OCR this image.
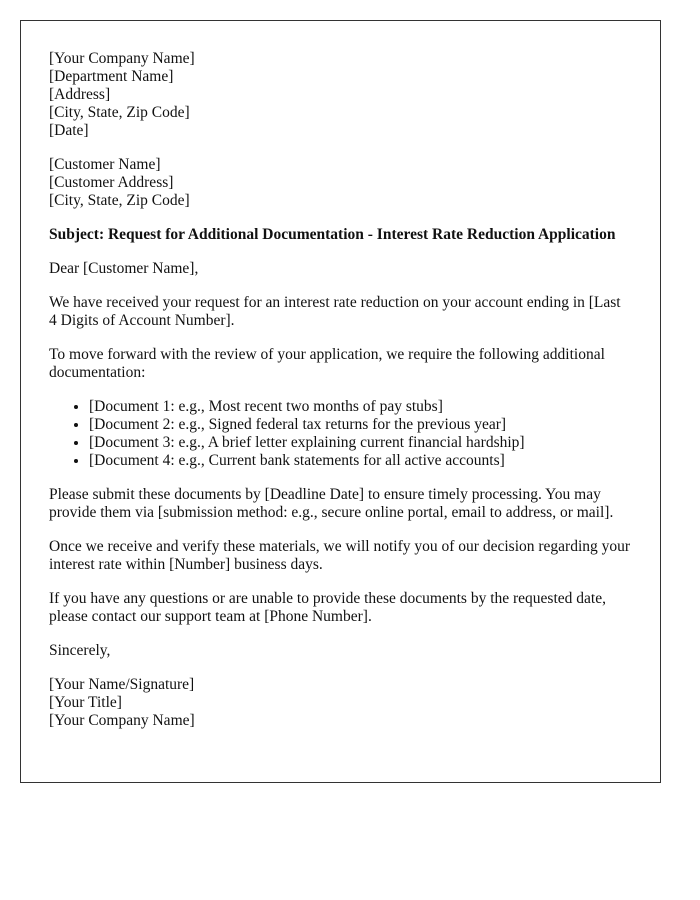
[Your Company Name]
[Department Name]
[Address]
[City, State, Zip Code]
[Date]
[Customer Name]
[Customer Address]
[City, State, Zip Code]
Subject: Request for Additional Documentation - Interest Rate Reduction Application

Dear [Customer Name],

We have received your request for an interest rate reduction on your account ending in [Last 4 Digits of Account Number].

To move forward with the review of your application, we require the following additional documentation:

• [Document 1: e.g., Most recent two months of pay stubs]
• [Document 2: e.g., Signed federal tax returns for the previous year]
• [Document 3: e.g., A brief letter explaining current financial hardship]
• [Document 4: e.g., Current bank statements for all active accounts]

Please submit these documents by [Deadline Date] to ensure timely processing. You may provide them via [submission method: e.g., secure online portal, email to address, or mail].

Once we receive and verify these materials, we will notify you of our decision regarding your interest rate within [Number] business days.

If you have any questions or are unable to provide these documents by the requested date, please contact our support team at [Phone Number].

Sincerely,

[Your Name/Signature]
[Your Title]
[Your Company Name]
